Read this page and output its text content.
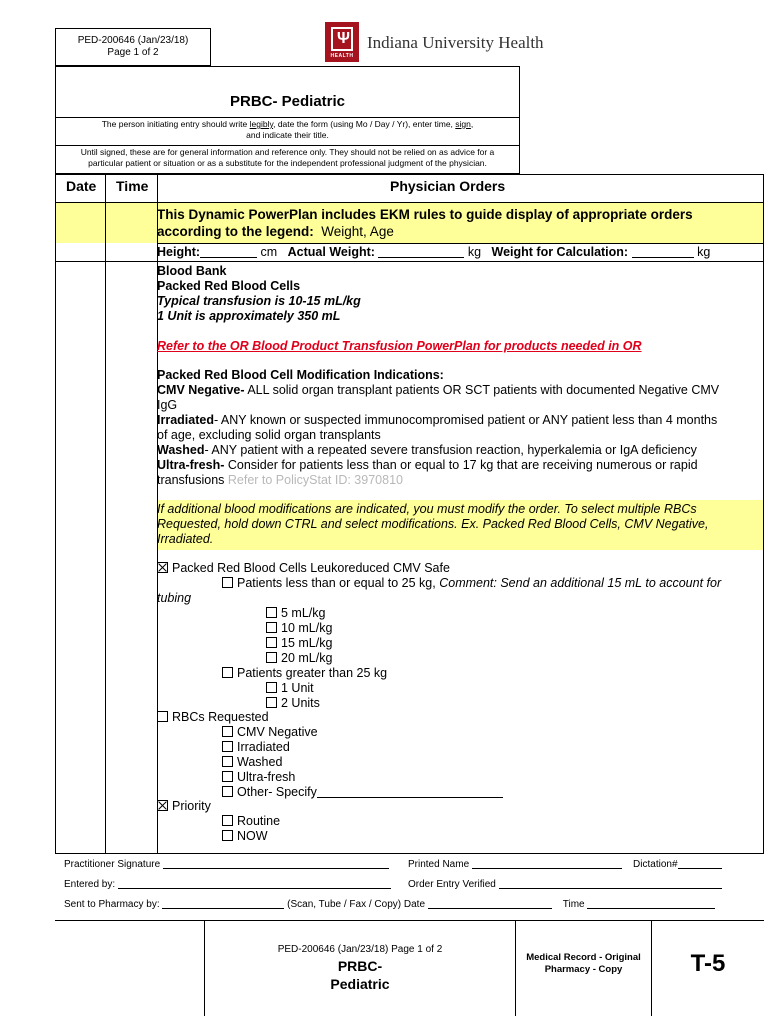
PED-200646 (Jan/23/18)
Page 1 of 2
Ψ
HEALTH
Indiana University Health
PRBC- Pediatric
The person initiating entry should write legibly, date the form (using Mo / Day / Yr), enter time, sign,
and indicate their title.
Until signed, these are for general information and reference only. They should not be relied on as advice for a
particular patient or situation or as a substitute for the independent professional judgment of the physician.
Date Time	Physician Orders
This Dynamic PowerPlan includes EKM rules to guide display of appropriate orders
according to the legend: Weight, Age
Height:	cm Actual Weight:	kg Weight for Calculation:	kg
Blood Bank
Packed Red Blood Cells
Typical transfusion is 10-15 mL/kg
1 Unit is approximately 350 mL
Refer to the OR Blood Product Transfusion PowerPlan for products needed in OR
Packed Red Blood Cell Modification Indications:
CMV Negative- ALL solid organ transplant patients OR SCT patients with documented Negative CMV
IgG
Irradiated- ANY known or suspected immunocompromised patient or ANY patient less than 4 months
of age, excluding solid organ transplants
Washed- ANY patient with a repeated severe transfusion reaction, hyperkalemia or IgA deficiency
Ultra-fresh- Consider for patients less than or equal to 17 kg that are receiving numerous or rapid
transfusions Refer to PolicyStat ID: 3970810
If additional blood modifications are indicated, you must modify the order. To select multiple RBCs
Requested, hold down CTRL and select modifications. Ex. Packed Red Blood Cells, CMV Negative,
Irradiated.
Packed Red Blood Cells Leukoreduced CMV Safe
Patients less than or equal to 25 kg, Comment: Send an additional 15 mL to account for
tubing
5 mL/kg
10 mL/kg
15 mL/kg
20 mL/kg
Patients greater than 25 kg
1 Unit
2 Units
RBCs Requested
CMV Negative
Irradiated
Washed
Ultra-fresh
Other- Specify
Priority
Routine
NOW
Practitioner Signature	Printed Name	Dictation#
Entered by:	Order Entry Verified
Sent to Pharmacy by:	(Scan, Tube / Fax / Copy) Date	Time
PED-200646 (Jan/23/18) Page 1 of 2
PRBC-
Pediatric
Medical Record - Original
Pharmacy - Copy	T-5
